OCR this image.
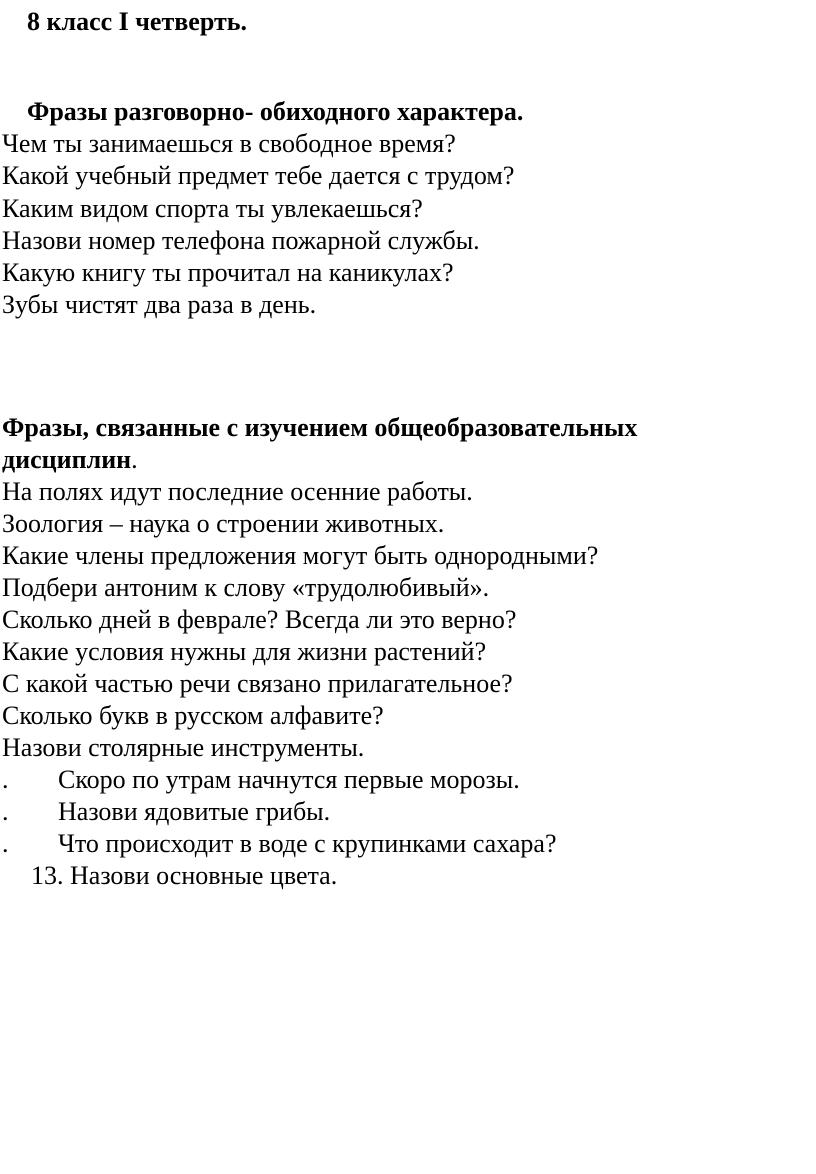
8 класс I четверть.
Фразы разговорно- обиходного характера.
Чем ты занимаешься в свободное время?
Какой учебный предмет тебе дается с трудом?
Каким видом спорта ты увлекаешься?
Назови номер телефона пожарной службы.
Какую книгу ты прочитал на каникулах?
Зубы чистят два раза в день.
Фразы, связанные с изучением общеобразовательных
дисциплин.
На полях идут последние осенние работы.
Зоология – наука о строении животных.
Какие члены предложения могут быть однородными?
Подбери антоним к слову «трудолюбивый».
Сколько дней в феврале? Всегда ли это верно?
Какие условия нужны для жизни растений?
С какой частью речи связано прилагательное?
Сколько букв в русском алфавите?
Назови столярные инструменты.
. Скоро по утрам начнутся первые морозы.
. Назови ядовитые грибы.
. Что происходит в воде с крупинками сахара?
13. Назови основные цвета.
